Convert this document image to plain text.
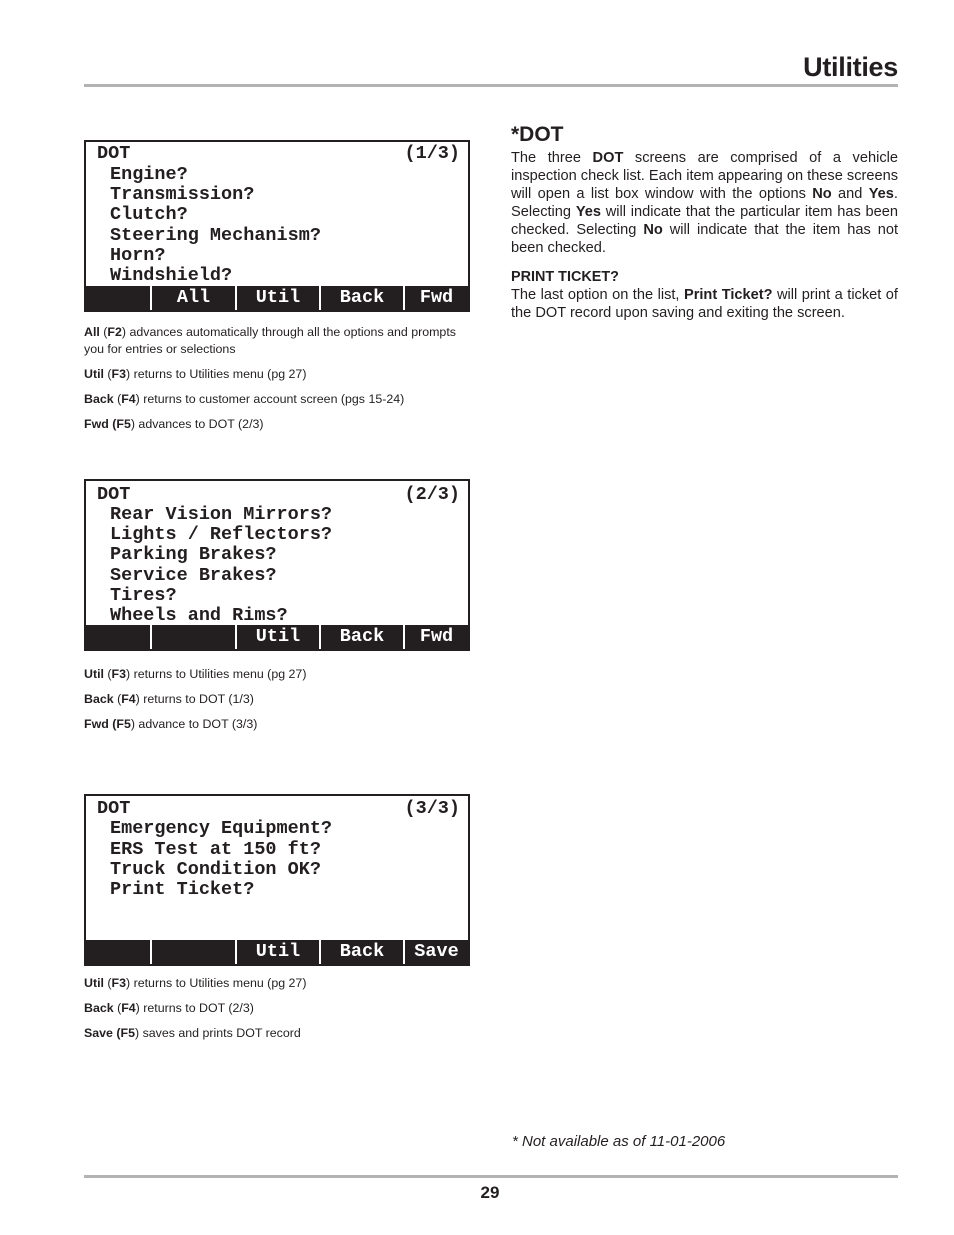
Utilities
DOT	(1/3)
Engine?
Transmission?
Clutch?
Steering Mechanism?
Horn?
Windshield?
All	Util	Back	Fwd
All (F2) advances automatically through all the options and prompts you for entries or selections
Util (F3) returns to Utilities menu (pg 27)
Back (F4) returns to customer account screen (pgs 15-24)
Fwd (F5) advances to DOT (2/3)
DOT	(2/3)
Rear Vision Mirrors?
Lights / Reflectors?
Parking Brakes?
Service Brakes?
Tires?
Wheels and Rims?
Util	Back	Fwd
Util (F3) returns to Utilities menu (pg 27)
Back (F4) returns to DOT (1/3)
Fwd (F5) advance to DOT (3/3)
DOT	(3/3)
Emergency Equipment?
ERS Test at 150 ft?
Truck Condition OK?
Print Ticket?
Util	Back	Save
Util (F3) returns to Utilities menu (pg 27)
Back (F4) returns to DOT (2/3)
Save (F5) saves and prints DOT record
*DOT
The three DOT screens are comprised of a vehicle inspection check list. Each item appearing on these screens will open a list box window with the options No and Yes. Selecting Yes will indicate that the particular item has been checked. Selecting No will indicate that the item has not been checked.
PRINT TICKET?
The last option on the list, Print Ticket? will print a ticket of the DOT record upon saving and exiting the screen.
* Not available as of 11-01-2006
29
